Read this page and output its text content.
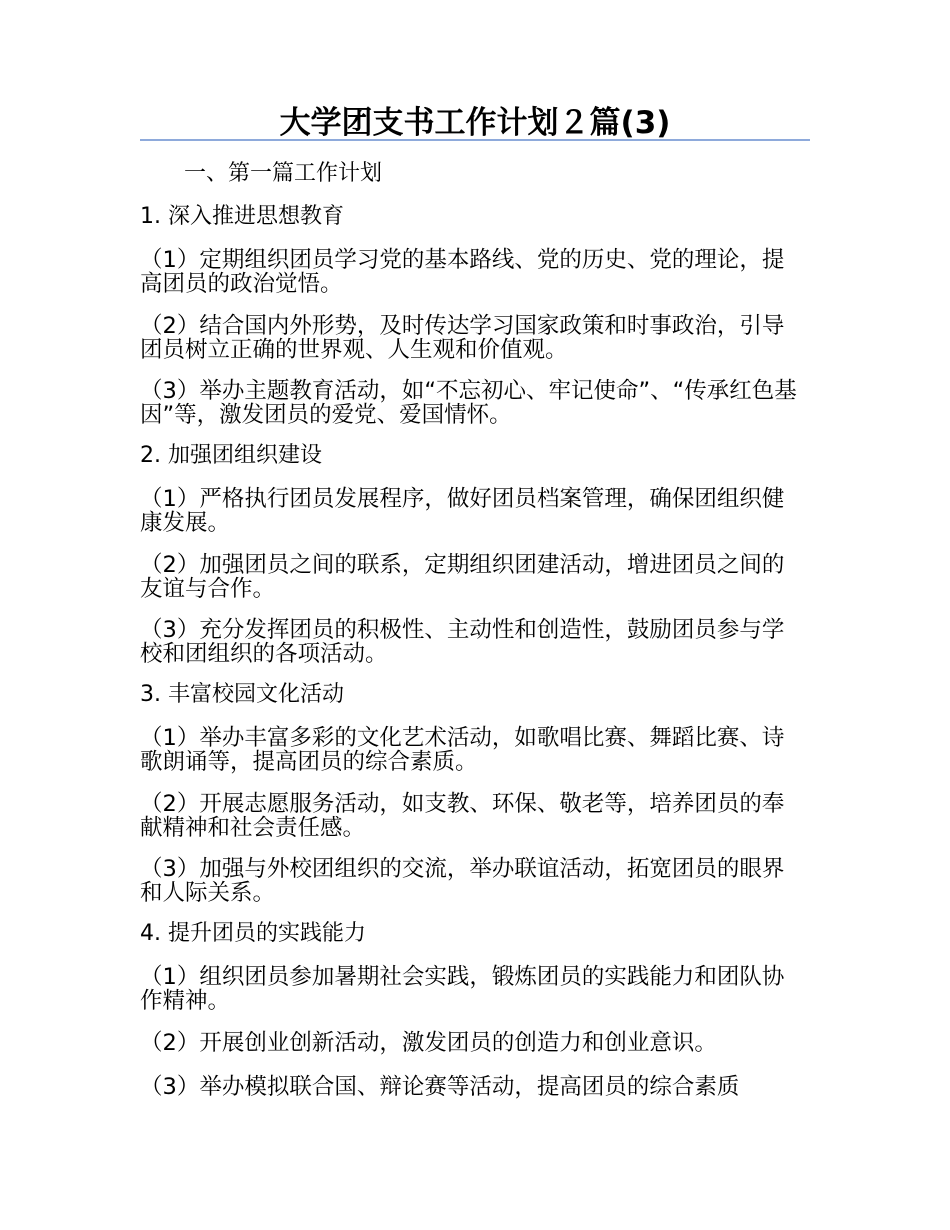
大学团支书工作计划２篇(3)

一、第一篇工作计划

1. 深入推进思想教育

（1）定期组织团员学习党的基本路线、党的历史、党的理论，提高团员的政治觉悟。

（2）结合国内外形势，及时传达学习国家政策和时事政治，引导团员树立正确的世界观、人生观和价值观。

（3）举办主题教育活动，如“不忘初心、牢记使命”、“传承红色基因”等，激发团员的爱党、爱国情怀。

2. 加强团组织建设

（1）严格执行团员发展程序，做好团员档案管理，确保团组织健康发展。

（2）加强团员之间的联系，定期组织团建活动，增进团员之间的友谊与合作。

（3）充分发挥团员的积极性、主动性和创造性，鼓励团员参与学校和团组织的各项活动。

3. 丰富校园文化活动

（1）举办丰富多彩的文化艺术活动，如歌唱比赛、舞蹈比赛、诗歌朗诵等，提高团员的综合素质。

（2）开展志愿服务活动，如支教、环保、敬老等，培养团员的奉献精神和社会责任感。

（3）加强与外校团组织的交流，举办联谊活动，拓宽团员的眼界和人际关系。

4. 提升团员的实践能力

（1）组织团员参加暑期社会实践，锻炼团员的实践能力和团队协作精神。

（2）开展创业创新活动，激发团员的创造力和创业意识。

（3）举办模拟联合国、辩论赛等活动，提高团员的综合素质
